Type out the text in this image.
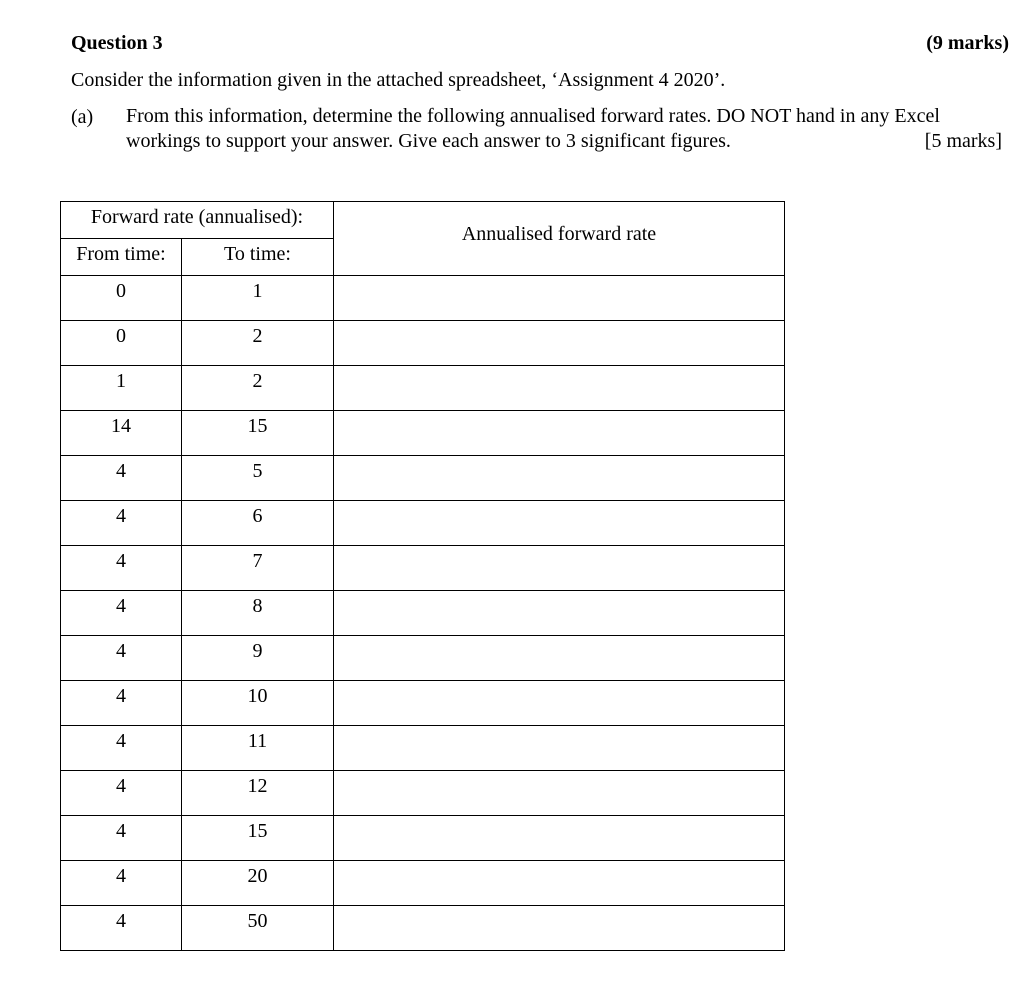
Question 3	(9 marks)
Consider the information given in the attached spreadsheet, ‘Assignment 4 2020’.
(a) From this information, determine the following annualised forward rates. DO NOT hand in any Excel
workings to support your answer. Give each answer to 3 significant figures.	[5 marks]
Forward rate (annualised):		Annualised forward rate

From time:	To time:	

0	1	

0	2	

1	2	

14	15	

4	5	

4	6	

4	7	

4	8	

4	9	

4	10	

4	11	

4	12	

4	15	

4	20	

4	50	
